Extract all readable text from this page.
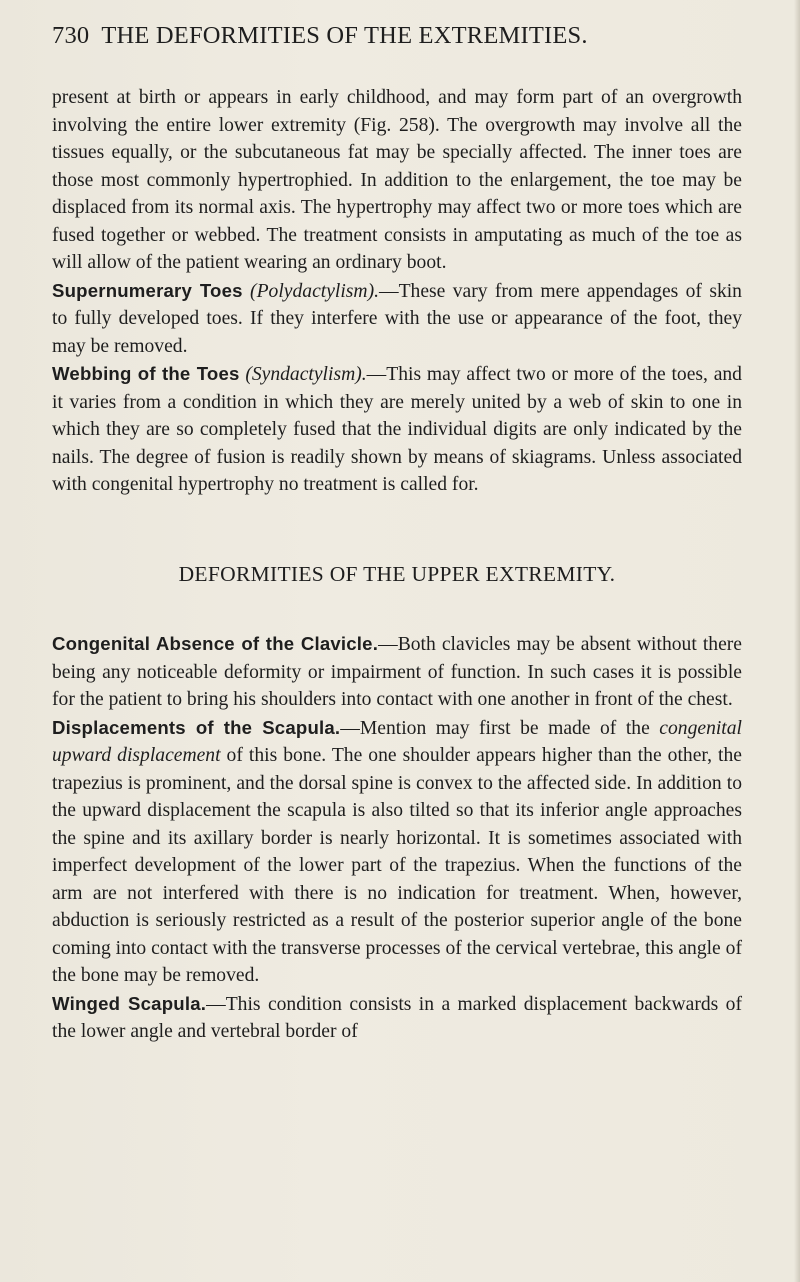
730 THE DEFORMITIES OF THE EXTREMITIES.

present at birth or appears in early childhood, and may form part of an overgrowth involving the entire lower extremity (Fig. 258). The overgrowth may involve all the tissues equally, or the subcutaneous fat may be specially affected. The inner toes are those most commonly hypertrophied. In addition to the enlargement, the toe may be displaced from its normal axis. The hypertrophy may affect two or more toes which are fused together or webbed. The treatment consists in amputating as much of the toe as will allow of the patient wearing an ordinary boot.

Supernumerary Toes (Polydactylism).—These vary from mere appendages of skin to fully developed toes. If they interfere with the use or appearance of the foot, they may be removed.

Webbing of the Toes (Syndactylism).—This may affect two or more of the toes, and it varies from a condition in which they are merely united by a web of skin to one in which they are so completely fused that the individual digits are only indicated by the nails. The degree of fusion is readily shown by means of skiagrams. Unless associated with congenital hypertrophy no treatment is called for.

DEFORMITIES OF THE UPPER EXTREMITY.

Congenital Absence of the Clavicle.—Both clavicles may be absent without there being any noticeable deformity or impairment of function. In such cases it is possible for the patient to bring his shoulders into contact with one another in front of the chest.

Displacements of the Scapula.—Mention may first be made of the congenital upward displacement of this bone. The one shoulder appears higher than the other, the trapezius is prominent, and the dorsal spine is convex to the affected side. In addition to the upward displacement the scapula is also tilted so that its inferior angle approaches the spine and its axillary border is nearly horizontal. It is sometimes associated with imperfect development of the lower part of the trapezius. When the functions of the arm are not interfered with there is no indication for treatment. When, however, abduction is seriously restricted as a result of the posterior superior angle of the bone coming into contact with the transverse processes of the cervical vertebrae, this angle of the bone may be removed.

Winged Scapula.—This condition consists in a marked displacement backwards of the lower angle and vertebral border of
